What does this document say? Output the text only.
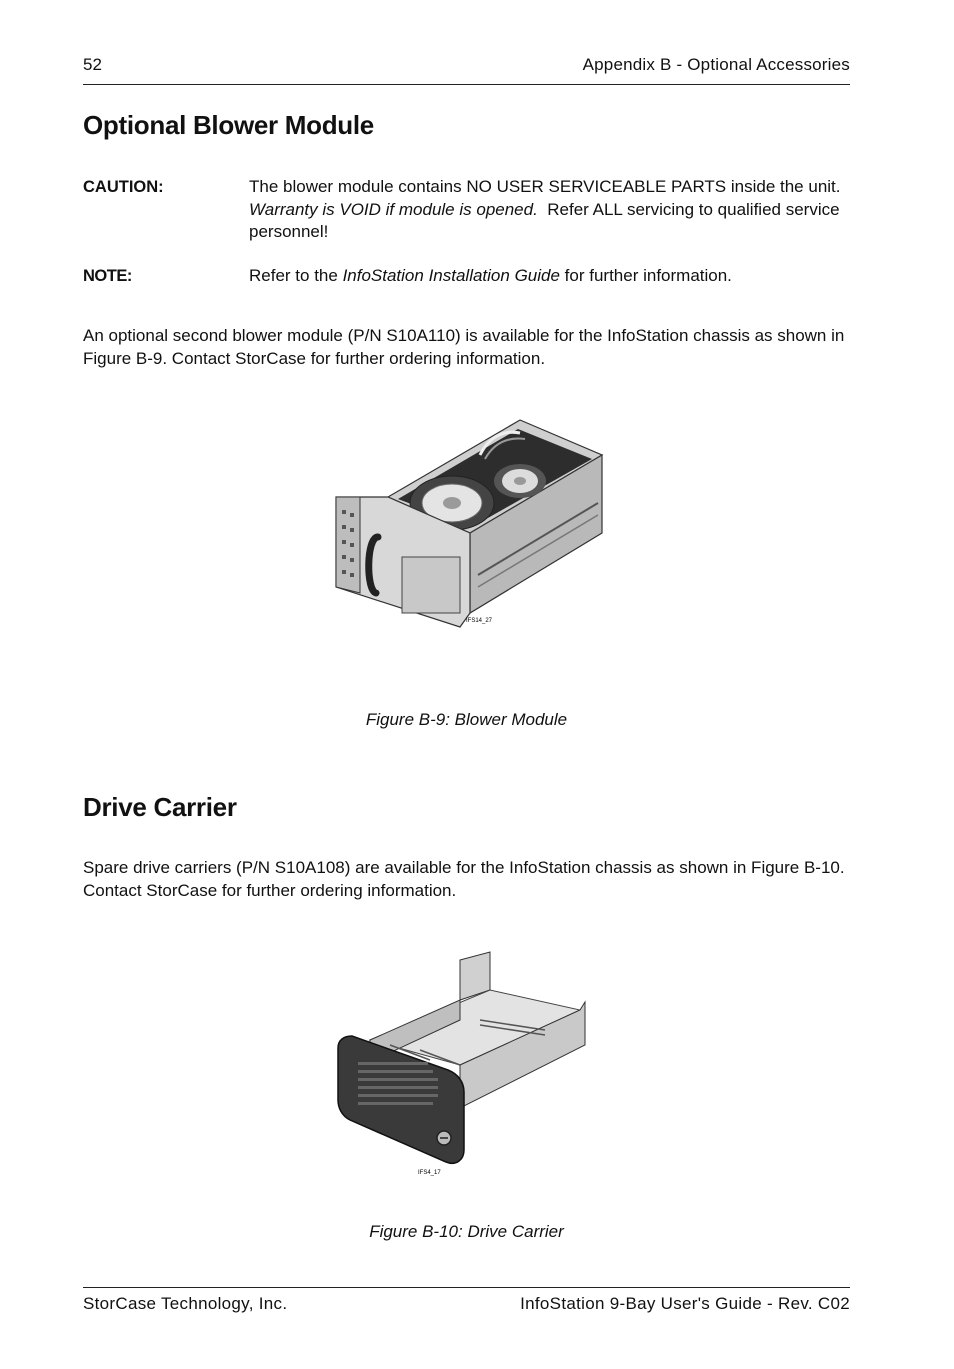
52	Appendix B - Optional Accessories
Optional Blower Module
CAUTION:	The blower module contains NO USER SERVICEABLE PARTS inside the unit.  Warranty is VOID if module is opened. Refer ALL servicing to qualified service personnel!
NOTE:	Refer to the InfoStation Installation Guide for further information.
An optional second blower module (P/N S10A110) is available for the InfoStation chassis as shown in Figure B-9. Contact StorCase for further ordering information.
IFS14_27
Figure B-9: Blower Module
Drive Carrier
Spare drive carriers (P/N S10A108) are available for the InfoStation chassis as shown in Figure B-10. Contact StorCase for further ordering information.
IFS4_17
Figure B-10: Drive Carrier
StorCase Technology, Inc.	InfoStation 9-Bay User's Guide - Rev. C02
